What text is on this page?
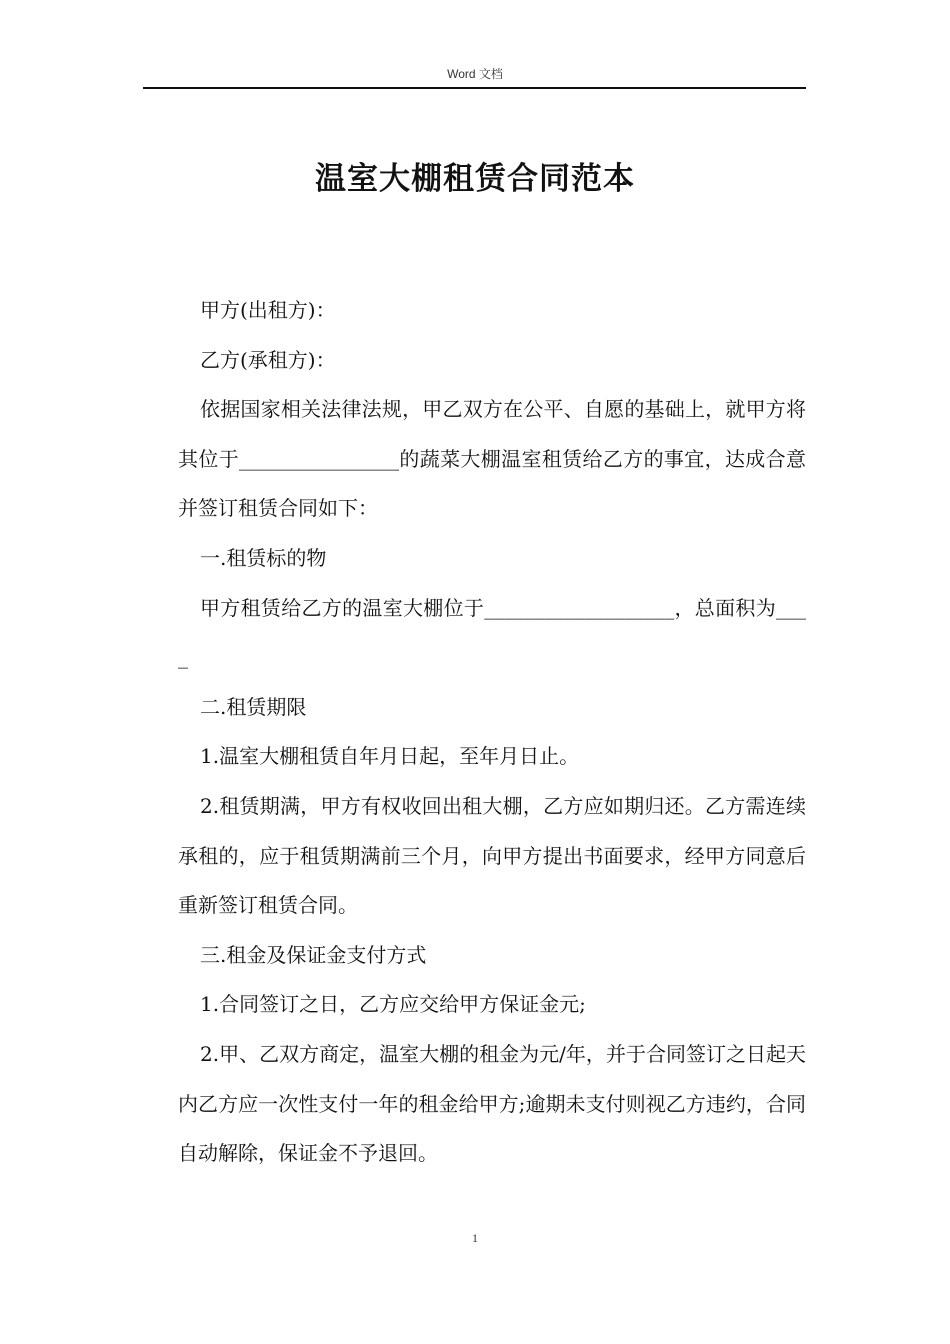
Word 文档
温室大棚租赁合同范本

甲方(出租方)：

乙方(承租方)：

依据国家相关法律法规，甲乙双方在公平、自愿的基础上，就甲方将其位于________________的蔬菜大棚温室租赁给乙方的事宜，达成合意并签订租赁合同如下：

一.租赁标的物

甲方租赁给乙方的温室大棚位于___________________，总面积为____

二.租赁期限

1.温室大棚租赁自年月日起，至年月日止。

2.租赁期满，甲方有权收回出租大棚，乙方应如期归还。乙方需连续承租的，应于租赁期满前三个月，向甲方提出书面要求，经甲方同意后重新签订租赁合同。

三.租金及保证金支付方式

1.合同签订之日，乙方应交给甲方保证金元;

2.甲、乙双方商定，温室大棚的租金为元/年，并于合同签订之日起天内乙方应一次性支付一年的租金给甲方;逾期未支付则视乙方违约，合同自动解除，保证金不予退回。

1
